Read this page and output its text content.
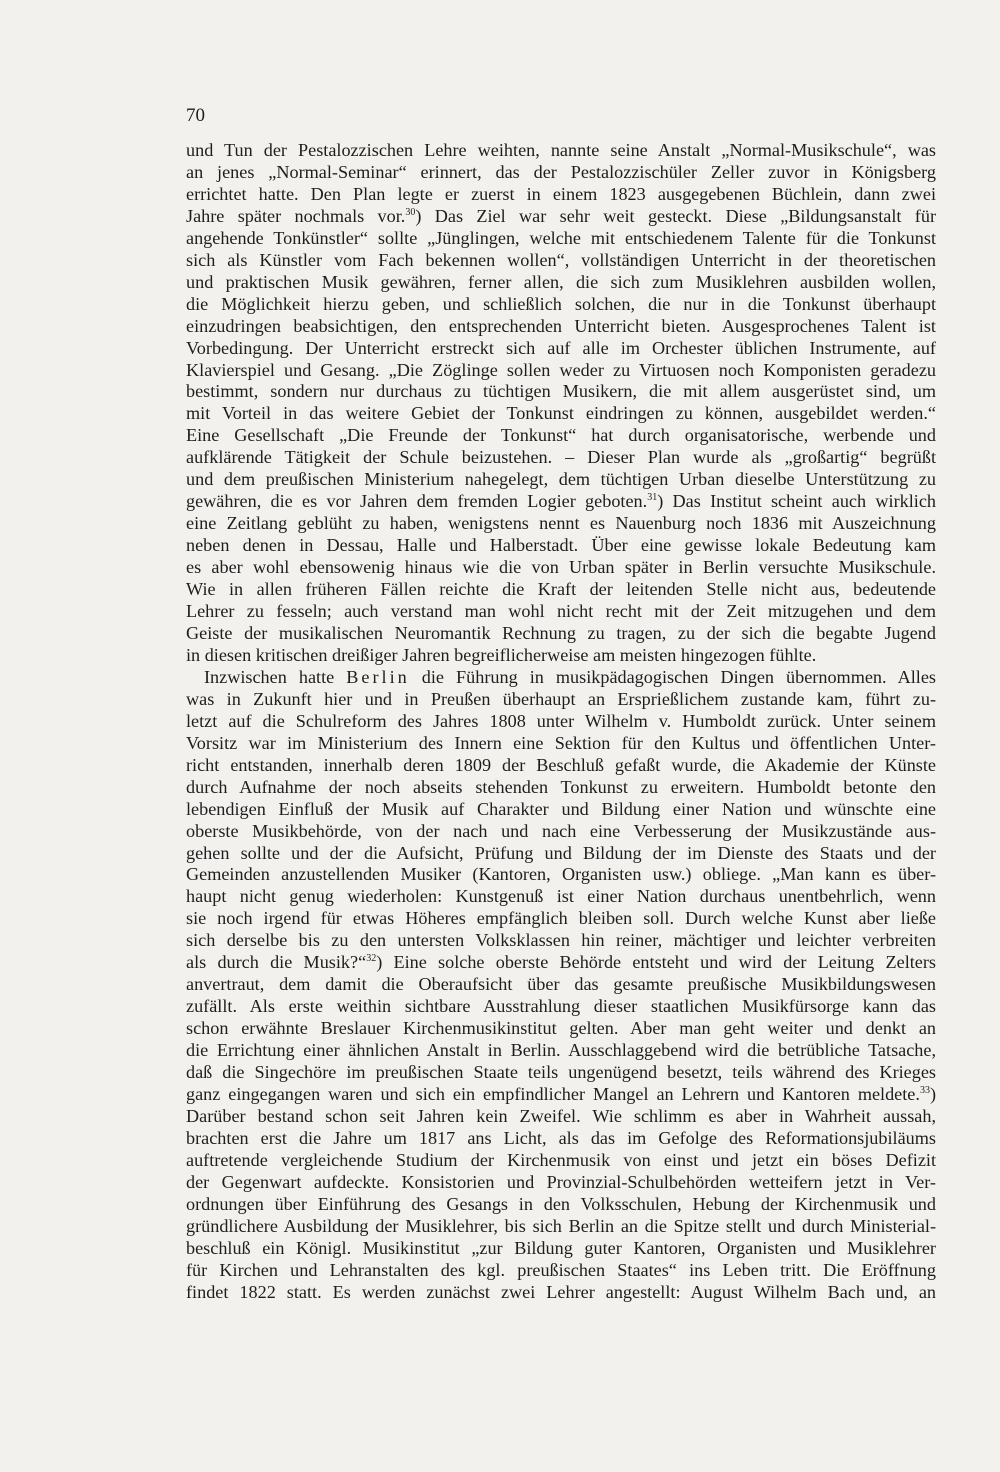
70
und Tun der Pestalozzischen Lehre weihten, nannte seine Anstalt „Normal-Musikschule“, was
an jenes „Normal-Seminar“ erinnert, das der Pestalozzischüler Zeller zuvor in Königsberg
errichtet hatte. Den Plan legte er zuerst in einem 1823 ausgegebenen Büchlein, dann zwei
Jahre später nochmals vor.$^{30}$) Das Ziel war sehr weit gesteckt. Diese „Bildungsanstalt für
angehende Tonkünstler“ sollte „Jünglingen, welche mit entschiedenem Talente für die Tonkunst
sich als Künstler vom Fach bekennen wollen“, vollständigen Unterricht in der theoretischen
und praktischen Musik gewähren, ferner allen, die sich zum Musiklehren ausbilden wollen,
die Möglichkeit hierzu geben, und schließlich solchen, die nur in die Tonkunst überhaupt
einzudringen beabsichtigen, den entsprechenden Unterricht bieten. Ausgesprochenes Talent ist
Vorbedingung. Der Unterricht erstreckt sich auf alle im Orchester üblichen Instrumente, auf
Klavierspiel und Gesang. „Die Zöglinge sollen weder zu Virtuosen noch Komponisten geradezu
bestimmt, sondern nur durchaus zu tüchtigen Musikern, die mit allem ausgerüstet sind, um
mit Vorteil in das weitere Gebiet der Tonkunst eindringen zu können, ausgebildet werden.“
Eine Gesellschaft „Die Freunde der Tonkunst“ hat durch organisatorische, werbende und
aufklärende Tätigkeit der Schule beizustehen. – Dieser Plan wurde als „großartig“ begrüßt
und dem preußischen Ministerium nahegelegt, dem tüchtigen Urban dieselbe Unterstützung zu
gewähren, die es vor Jahren dem fremden Logier geboten.$^{31}$) Das Institut scheint auch wirklich
eine Zeitlang geblüht zu haben, wenigstens nennt es Nauenburg noch 1836 mit Auszeichnung
neben denen in Dessau, Halle und Halberstadt. Über eine gewisse lokale Bedeutung kam
es aber wohl ebensowenig hinaus wie die von Urban später in Berlin versuchte Musikschule.
Wie in allen früheren Fällen reichte die Kraft der leitenden Stelle nicht aus, bedeutende
Lehrer zu fesseln; auch verstand man wohl nicht recht mit der Zeit mitzugehen und dem
Geiste der musikalischen Neuromantik Rechnung zu tragen, zu der sich die begabte Jugend
in diesen kritischen dreißiger Jahren begreiflicherweise am meisten hingezogen fühlte.
Inzwischen hatte Berlin die Führung in musikpädagogischen Dingen übernommen. Alles
was in Zukunft hier und in Preußen überhaupt an Ersprießlichem zustande kam, führt zu-
letzt auf die Schulreform des Jahres 1808 unter Wilhelm v. Humboldt zurück. Unter seinem
Vorsitz war im Ministerium des Innern eine Sektion für den Kultus und öffentlichen Unter-
richt entstanden, innerhalb deren 1809 der Beschluß gefaßt wurde, die Akademie der Künste
durch Aufnahme der noch abseits stehenden Tonkunst zu erweitern. Humboldt betonte den
lebendigen Einfluß der Musik auf Charakter und Bildung einer Nation und wünschte eine
oberste Musikbehörde, von der nach und nach eine Verbesserung der Musikzustände aus-
gehen sollte und der die Aufsicht, Prüfung und Bildung der im Dienste des Staats und der
Gemeinden anzustellenden Musiker (Kantoren, Organisten usw.) obliege. „Man kann es über-
haupt nicht genug wiederholen: Kunstgenuß ist einer Nation durchaus unentbehrlich, wenn
sie noch irgend für etwas Höheres empfänglich bleiben soll. Durch welche Kunst aber ließe
sich derselbe bis zu den untersten Volksklassen hin reiner, mächtiger und leichter verbreiten
als durch die Musik?“$^{32}$) Eine solche oberste Behörde entsteht und wird der Leitung Zelters
anvertraut, dem damit die Oberaufsicht über das gesamte preußische Musikbildungswesen
zufällt. Als erste weithin sichtbare Ausstrahlung dieser staatlichen Musikfürsorge kann das
schon erwähnte Breslauer Kirchenmusikinstitut gelten. Aber man geht weiter und denkt an
die Errichtung einer ähnlichen Anstalt in Berlin. Ausschlaggebend wird die betrübliche Tatsache,
daß die Singechöre im preußischen Staate teils ungenügend besetzt, teils während des Krieges
ganz eingegangen waren und sich ein empfindlicher Mangel an Lehrern und Kantoren meldete.$^{33}$)
Darüber bestand schon seit Jahren kein Zweifel. Wie schlimm es aber in Wahrheit aussah,
brachten erst die Jahre um 1817 ans Licht, als das im Gefolge des Reformationsjubiläums
auftretende vergleichende Studium der Kirchenmusik von einst und jetzt ein böses Defizit
der Gegenwart aufdeckte. Konsistorien und Provinzial-Schulbehörden wetteifern jetzt in Ver-
ordnungen über Einführung des Gesangs in den Volksschulen, Hebung der Kirchenmusik und
gründlichere Ausbildung der Musiklehrer, bis sich Berlin an die Spitze stellt und durch Ministerial-
beschluß ein Königl. Musikinstitut „zur Bildung guter Kantoren, Organisten und Musiklehrer
für Kirchen und Lehranstalten des kgl. preußischen Staates“ ins Leben tritt. Die Eröffnung
findet 1822 statt. Es werden zunächst zwei Lehrer angestellt: August Wilhelm Bach und, an
